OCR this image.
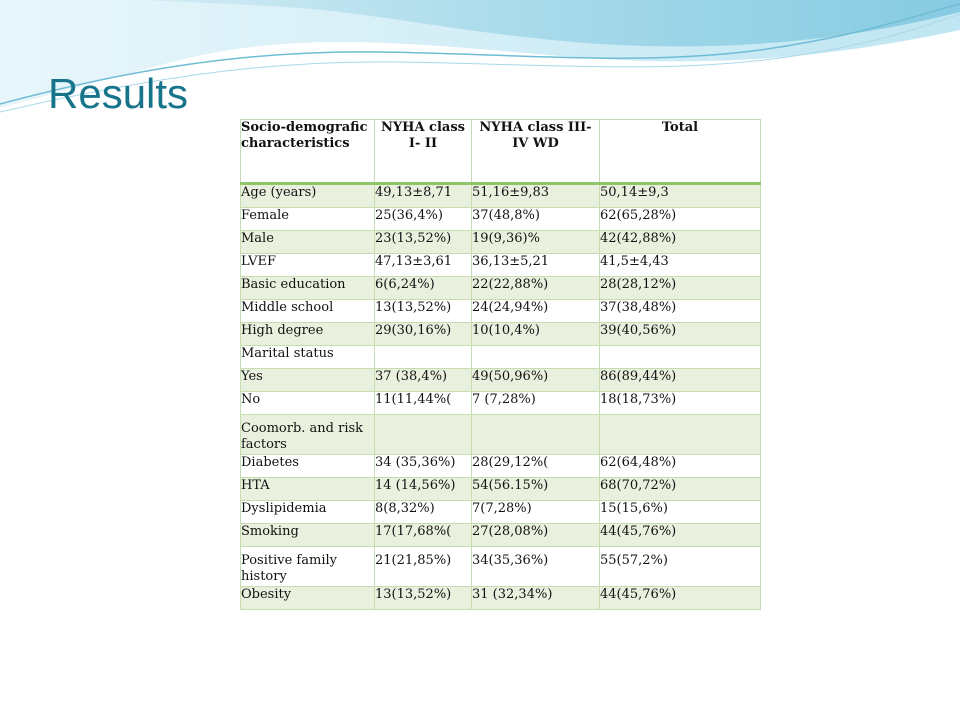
Results
Socio-demografic characteristics	NYHA class I- II	NYHA class III-IV WD	Total
Age (years)	49,13±8,71	51,16±9,83	50,14±9,3
Female	25(36,4%)	37(48,8%)	62(65,28%)
Male	23(13,52%)	19(9,36)%	42(42,88%)
LVEF	47,13±3,61	36,13±5,21	41,5±4,43
Basic education	6(6,24%)	22(22,88%)	28(28,12%)
Middle school	13(13,52%)	24(24,94%)	37(38,48%)
High degree	29(30,16%)	10(10,4%)	39(40,56%)
Marital status			
Yes	37 (38,4%)	49(50,96%)	86(89,44%)
No	11(11,44%(	7 (7,28%)	18(18,73%)
Coomorb. and risk factors			
Diabetes	34 (35,36%)	28(29,12%(	62(64,48%)
HTA	14 (14,56%)	54(56.15%)	68(70,72%)
Dyslipidemia	8(8,32%)	7(7,28%)	15(15,6%)
Smoking	17(17,68%(	27(28,08%)	44(45,76%)
Positive family history	21(21,85%)	34(35,36%)	55(57,2%)
Obesity	13(13,52%)	31 (32,34%)	44(45,76%)
